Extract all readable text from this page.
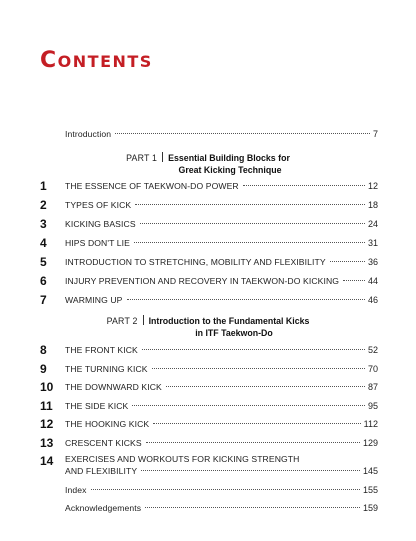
CONTENTS
Introduction	7
PART 1 Essential Building Blocks for
Great Kicking Technique
1	THE ESSENCE OF TAEKWON-DO POWER	12
2	TYPES OF KICK	18
3	KICKING BASICS	24
4	HIPS DON'T LIE	31
5	INTRODUCTION TO STRETCHING, MOBILITY AND FLEXIBILITY	36
6	INJURY PREVENTION AND RECOVERY IN TAEKWON-DO KICKING	44
7	WARMING UP	46
PART 2 Introduction to the Fundamental Kicks
in ITF Taekwon-Do
8	THE FRONT KICK	52
9	THE TURNING KICK	70
10	THE DOWNWARD KICK	87
11	THE SIDE KICK	95
12	THE HOOKING KICK	112
13	CRESCENT KICKS	129
14	EXERCISES AND WORKOUTS FOR KICKING STRENGTH
AND FLEXIBILITY	145
Index	155
Acknowledgements	159
